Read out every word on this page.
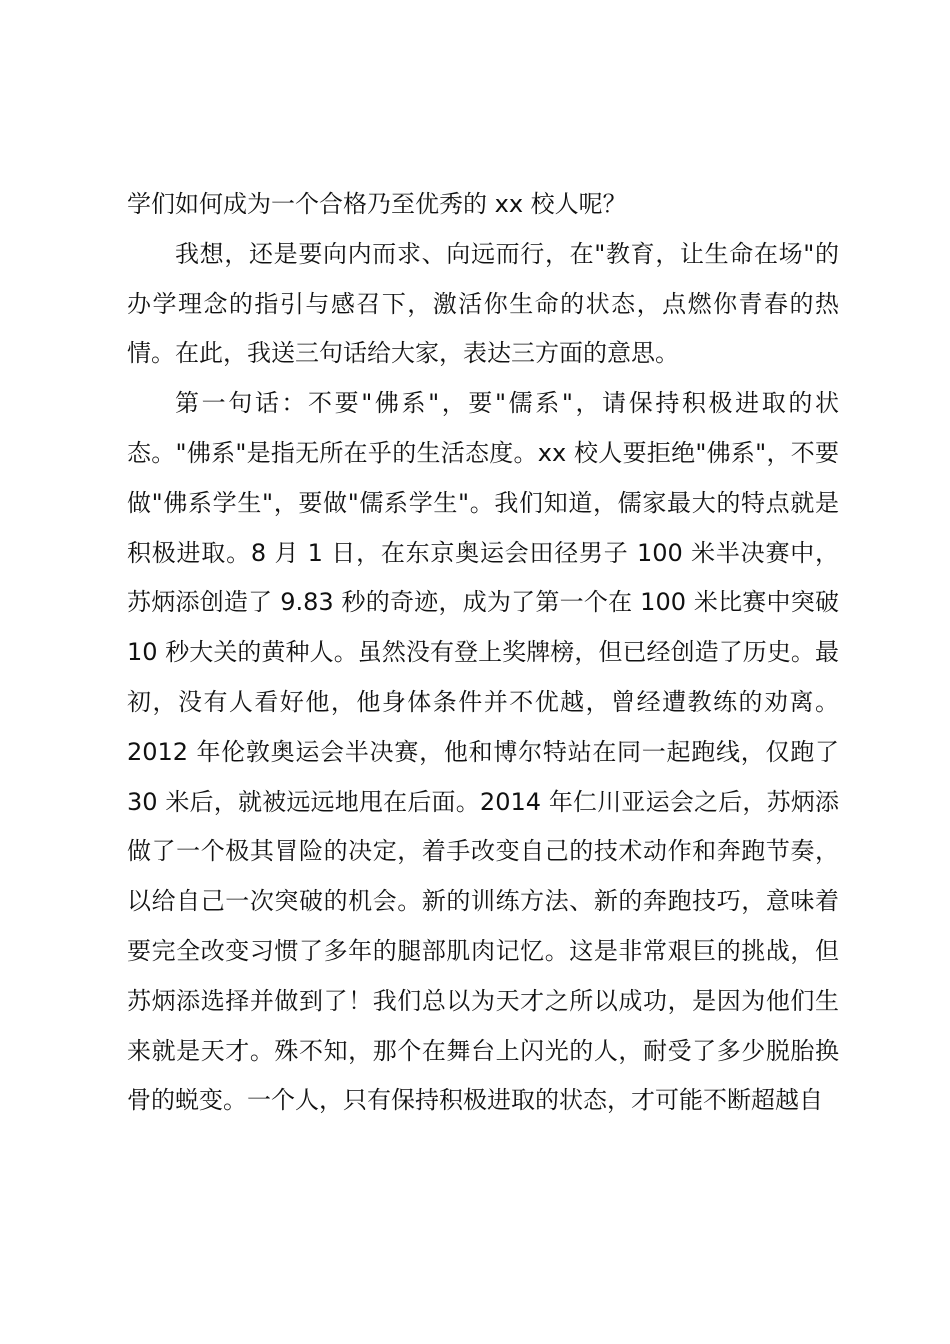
学们如何成为一个合格乃至优秀的 xx 校人呢？

我想，还是要向内而求、向远而行，在"教育，让生命在场"的办学理念的指引与感召下，激活你生命的状态，点燃你青春的热情。在此，我送三句话给大家，表达三方面的意思。

第一句话：不要"佛系"，要"儒系"，请保持积极进取的状态。"佛系"是指无所在乎的生活态度。xx 校人要拒绝"佛系"，不要做"佛系学生"，要做"儒系学生"。我们知道，儒家最大的特点就是积极进取。8 月 1 日，在东京奥运会田径男子 100 米半决赛中，苏炳添创造了 9.83 秒的奇迹，成为了第一个在 100 米比赛中突破 10 秒大关的黄种人。虽然没有登上奖牌榜，但已经创造了历史。最初，没有人看好他，他身体条件并不优越，曾经遭教练的劝离。2012 年伦敦奥运会半决赛，他和博尔特站在同一起跑线，仅跑了 30 米后，就被远远地甩在后面。2014 年仁川亚运会之后，苏炳添做了一个极其冒险的决定，着手改变自己的技术动作和奔跑节奏，以给自己一次突破的机会。新的训练方法、新的奔跑技巧，意味着要完全改变习惯了多年的腿部肌肉记忆。这是非常艰巨的挑战，但苏炳添选择并做到了！我们总以为天才之所以成功，是因为他们生来就是天才。殊不知，那个在舞台上闪光的人，耐受了多少脱胎换骨的蜕变。一个人，只有保持积极进取的状态，才可能不断超越自
